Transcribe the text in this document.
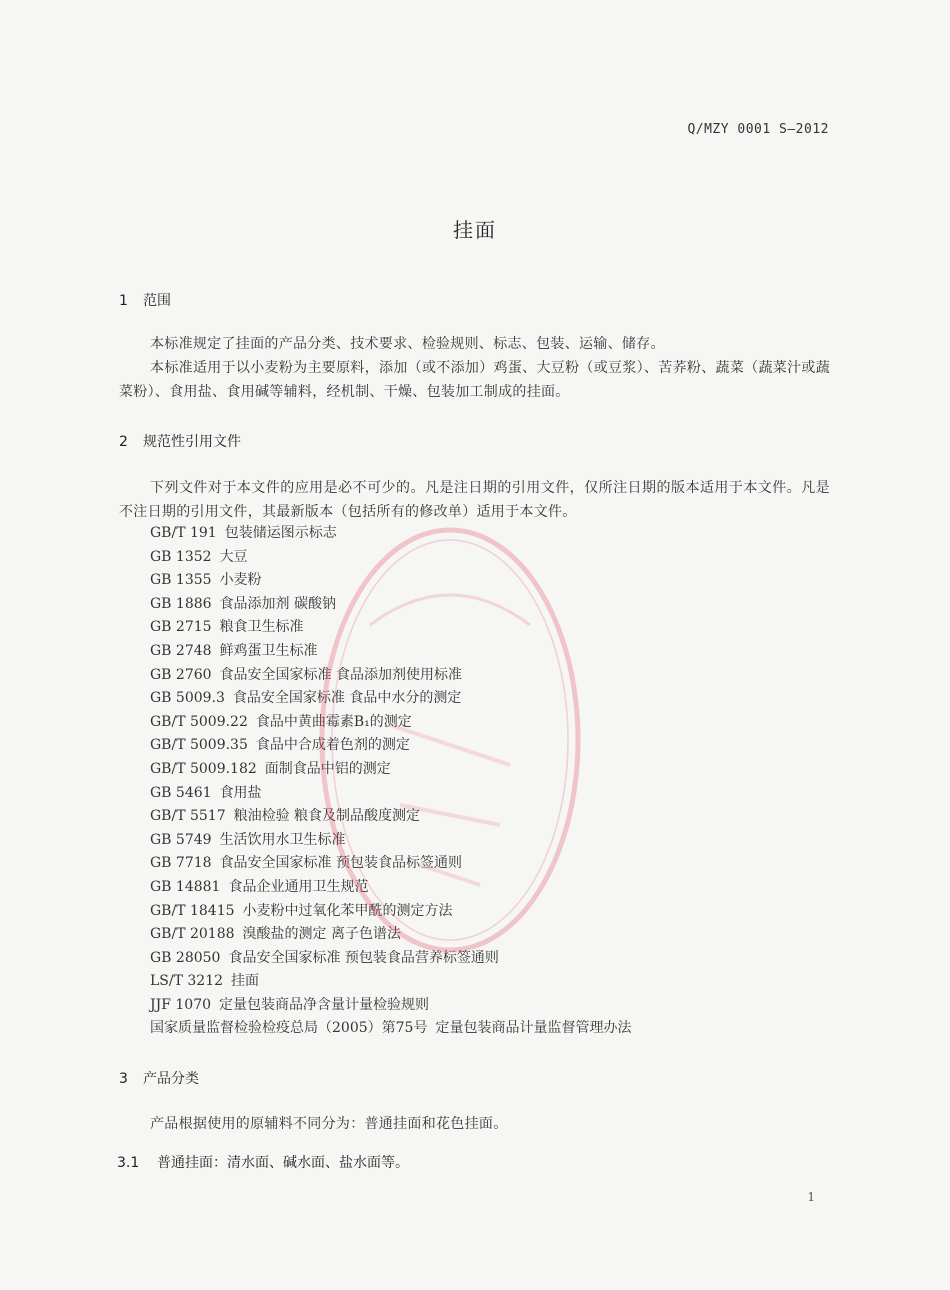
Q/MZY 0001 S—2012
挂面
1 范围
本标准规定了挂面的产品分类、技术要求、检验规则、标志、包装、运输、储存。
本标准适用于以小麦粉为主要原料，添加（或不添加）鸡蛋、大豆粉（或豆浆）、苦荞粉、蔬菜（蔬菜汁或蔬菜粉）、食用盐、食用碱等辅料，经机制、干燥、包装加工制成的挂面。
2 规范性引用文件
下列文件对于本文件的应用是必不可少的。凡是注日期的引用文件，仅所注日期的版本适用于本文件。凡是不注日期的引用文件，其最新版本（包括所有的修改单）适用于本文件。
GB/T 191 包装储运图示标志
GB 1352 大豆
GB 1355 小麦粉
GB 1886 食品添加剂 碳酸钠
GB 2715 粮食卫生标准
GB 2748 鲜鸡蛋卫生标准
GB 2760 食品安全国家标准 食品添加剂使用标准
GB 5009.3 食品安全国家标准 食品中水分的测定
GB/T 5009.22 食品中黄曲霉素B₁的测定
GB/T 5009.35 食品中合成着色剂的测定
GB/T 5009.182 面制食品中铝的测定
GB 5461 食用盐
GB/T 5517 粮油检验 粮食及制品酸度测定
GB 5749 生活饮用水卫生标准
GB 7718 食品安全国家标准 预包装食品标签通则
GB 14881 食品企业通用卫生规范
GB/T 18415 小麦粉中过氧化苯甲酰的测定方法
GB/T 20188 溴酸盐的测定 离子色谱法
GB 28050 食品安全国家标准 预包装食品营养标签通则
LS/T 3212 挂面
JJF 1070 定量包装商品净含量计量检验规则
国家质量监督检验检疫总局（2005）第75号 定量包装商品计量监督管理办法
3 产品分类
产品根据使用的原辅料不同分为：普通挂面和花色挂面。
3.1 普通挂面：清水面、碱水面、盐水面等。
1
